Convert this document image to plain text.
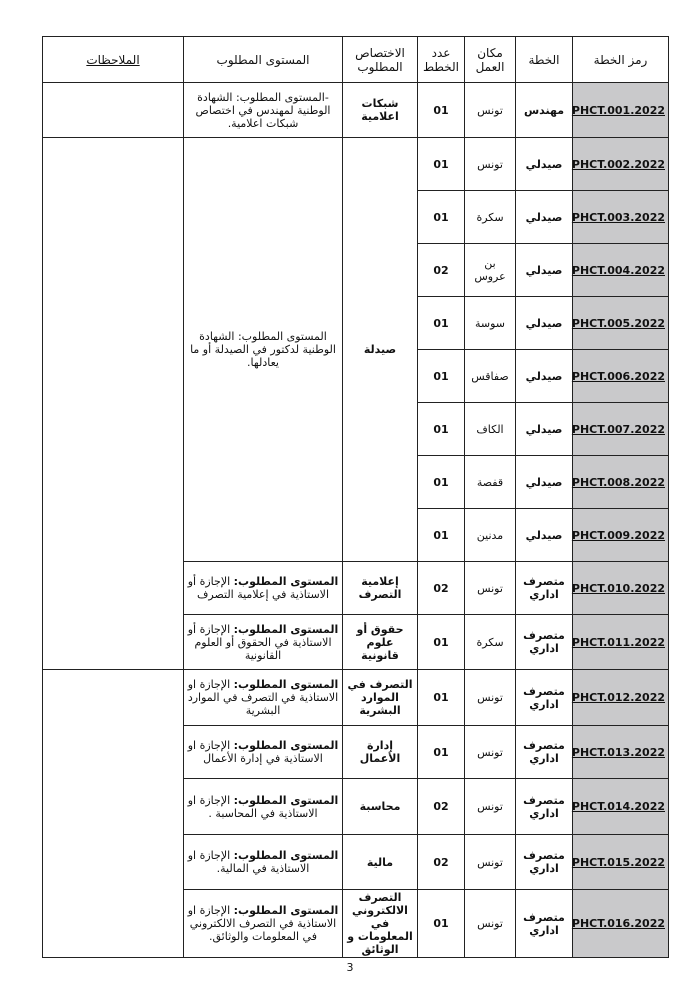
رمز الخطة	الخطة	مكان العمل	عدد الخطط	الاختصاص المطلوب	المستوى المطلوب	الملاحظات
PHCT.001.2022	مهندس	تونس	01	شبكات اعلامية	-المستوى المطلوب: الشهادة الوطنية لمهندس في اختصاص شبكات اعلامية.	
PHCT.002.2022	صيدلي	تونس	01	صيدلة	المستوى المطلوب: الشهادة الوطنية لدكتور في الصيدلة أو ما يعادلها.	
PHCT.003.2022	صيدلي	سكرة	01			
PHCT.004.2022	صيدلي	بن عروس	02			
PHCT.005.2022	صيدلي	سوسة	01			
PHCT.006.2022	صيدلي	صفاقس	01			
PHCT.007.2022	صيدلي	الكاف	01			
PHCT.008.2022	صيدلي	قفصة	01			
PHCT.009.2022	صيدلي	مدنين	01			
PHCT.010.2022	متصرف اداري	تونس	02	إعلامية التصرف	المستوى المطلوب: الإجازة أو الاستاذية في إعلامية التصرف	
PHCT.011.2022	متصرف اداري	سكرة	01	حقوق أو علوم قانونية	المستوى المطلوب: الإجازة أو الاستاذية في الحقوق أو العلوم القانونية	
PHCT.012.2022	متصرف اداري	تونس	01	التصرف في الموارد البشرية	المستوى المطلوب: الإجازة او الاستاذية في التصرف في الموارد البشرية	
PHCT.013.2022	متصرف اداري	تونس	01	إدارة الأعمال	المستوى المطلوب: الإجازة او الاستاذية في إدارة الأعمال	
PHCT.014.2022	متصرف اداري	تونس	02	محاسبة	المستوى المطلوب: الإجازة او الاستاذية في المحاسبة .	
PHCT.015.2022	متصرف اداري	تونس	02	مالية	المستوى المطلوب: الإجازة او الاستاذية في المالية.	
PHCT.016.2022	متصرف اداري	تونس	01	التصرف الالكتروني في المعلومات و الوثائق	المستوى المطلوب: الإجازة او الاستاذية في التصرف الالكتروني في المعلومات والوثائق.	
3
